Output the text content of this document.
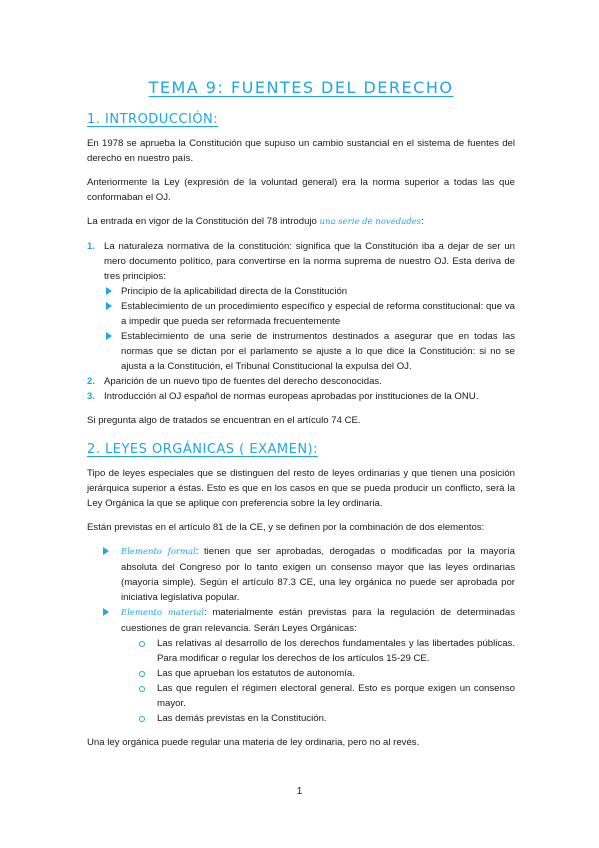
TEMA 9: FUENTES DEL DERECHO
1. INTRODUCCIÓN:

En 1978 se aprueba la Constitución que supuso un cambio sustancial en el sistema de fuentes del derecho en nuestro país.

Anteriormente la Ley (expresión de la voluntad general) era la norma superior a todas las que conformaban el OJ.

La entrada en vigor de la Constitución del 78 introdujo una serie de novedades:

1. La naturaleza normativa de la constitución: significa que la Constitución iba a dejar de ser un mero documento político, para convertirse en la norma suprema de nuestro OJ. Esta deriva de tres principios:
Principio de la aplicabilidad directa de la Constitución
Establecimiento de un procedimiento específico y especial de reforma constitucional: que va a impedir que pueda ser reformada frecuentemente
Establecimiento de una serie de instrumentos destinados a asegurar que en todas las normas que se dictan por el parlamento se ajuste a lo que dice la Constitución: si no se ajusta a la Constitución, el Tribunal Constitucional la expulsa del OJ.
2. Aparición de un nuevo tipo de fuentes del derecho desconocidas.
3. Introducción al OJ español de normas europeas aprobadas por instituciones de la ONU.

Si pregunta algo de tratados se encuentran en el artículo 74 CE.

2. LEYES ORGÁNICAS ( EXAMEN):

Tipo de leyes especiales que se distinguen del resto de leyes ordinarias y que tienen una posición jerárquica superior a éstas. Esto es que en los casos en que se pueda producir un conflicto, será la Ley Orgánica la que se aplique con preferencia sobre la ley ordinaria.

Están previstas en el artículo 81 de la CE, y se definen por la combinación de dos elementos:

Elemento formal: tienen que ser aprobadas, derogadas o modificadas por la mayoría absoluta del Congreso por lo tanto exigen un consenso mayor que las leyes ordinarias (mayoría simple). Según el artículo 87.3 CE, una ley orgánica no puede ser aprobada por iniciativa legislativa popular.
Elemento material: materialmente están previstas para la regulación de determinadas cuestiones de gran relevancia. Serán Leyes Orgánicas:
Las relativas al desarrollo de los derechos fundamentales y las libertades públicas. Para modificar o regular los derechos de los artículos 15-29 CE.
Las que aprueban los estatutos de autonomía.
Las que regulen el régimen electoral general. Esto es porque exigen un consenso mayor.
Las demás previstas en la Constitución.

Una ley orgánica puede regular una materia de ley ordinaria, pero no al revés.

1
